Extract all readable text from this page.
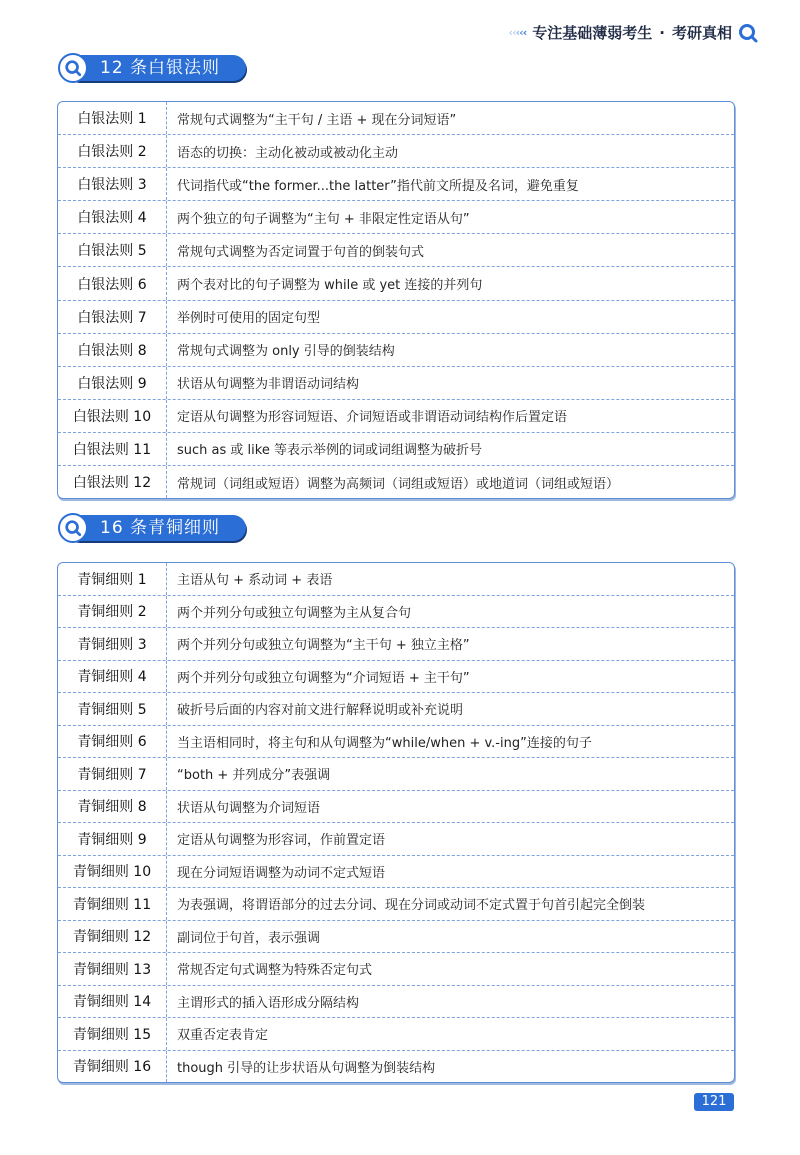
‹‹‹‹‹ 专注基础薄弱考生 · 考研真相
12 条白银法则
白银法则 1	常规句式调整为“主干句 / 主语 + 现在分词短语”
白银法则 2	语态的切换：主动化被动或被动化主动
白银法则 3	代词指代或“the former...the latter”指代前文所提及名词，避免重复
白银法则 4	两个独立的句子调整为“主句 + 非限定性定语从句”
白银法则 5	常规句式调整为否定词置于句首的倒装句式
白银法则 6	两个表对比的句子调整为 while 或 yet 连接的并列句
白银法则 7	举例时可使用的固定句型
白银法则 8	常规句式调整为 only 引导的倒装结构
白银法则 9	状语从句调整为非谓语动词结构
白银法则 10	定语从句调整为形容词短语、介词短语或非谓语动词结构作后置定语
白银法则 11	such as 或 like 等表示举例的词或词组调整为破折号
白银法则 12	常规词（词组或短语）调整为高频词（词组或短语）或地道词（词组或短语）
16 条青铜细则
青铜细则 1	主语从句 + 系动词 + 表语
青铜细则 2	两个并列分句或独立句调整为主从复合句
青铜细则 3	两个并列分句或独立句调整为“主干句 + 独立主格”
青铜细则 4	两个并列分句或独立句调整为“介词短语 + 主干句”
青铜细则 5	破折号后面的内容对前文进行解释说明或补充说明
青铜细则 6	当主语相同时，将主句和从句调整为“while/when + v.-ing”连接的句子
青铜细则 7	“both + 并列成分”表强调
青铜细则 8	状语从句调整为介词短语
青铜细则 9	定语从句调整为形容词，作前置定语
青铜细则 10	现在分词短语调整为动词不定式短语
青铜细则 11	为表强调，将谓语部分的过去分词、现在分词或动词不定式置于句首引起完全倒装
青铜细则 12	副词位于句首，表示强调
青铜细则 13	常规否定句式调整为特殊否定句式
青铜细则 14	主谓形式的插入语形成分隔结构
青铜细则 15	双重否定表肯定
青铜细则 16	though 引导的让步状语从句调整为倒装结构
121
